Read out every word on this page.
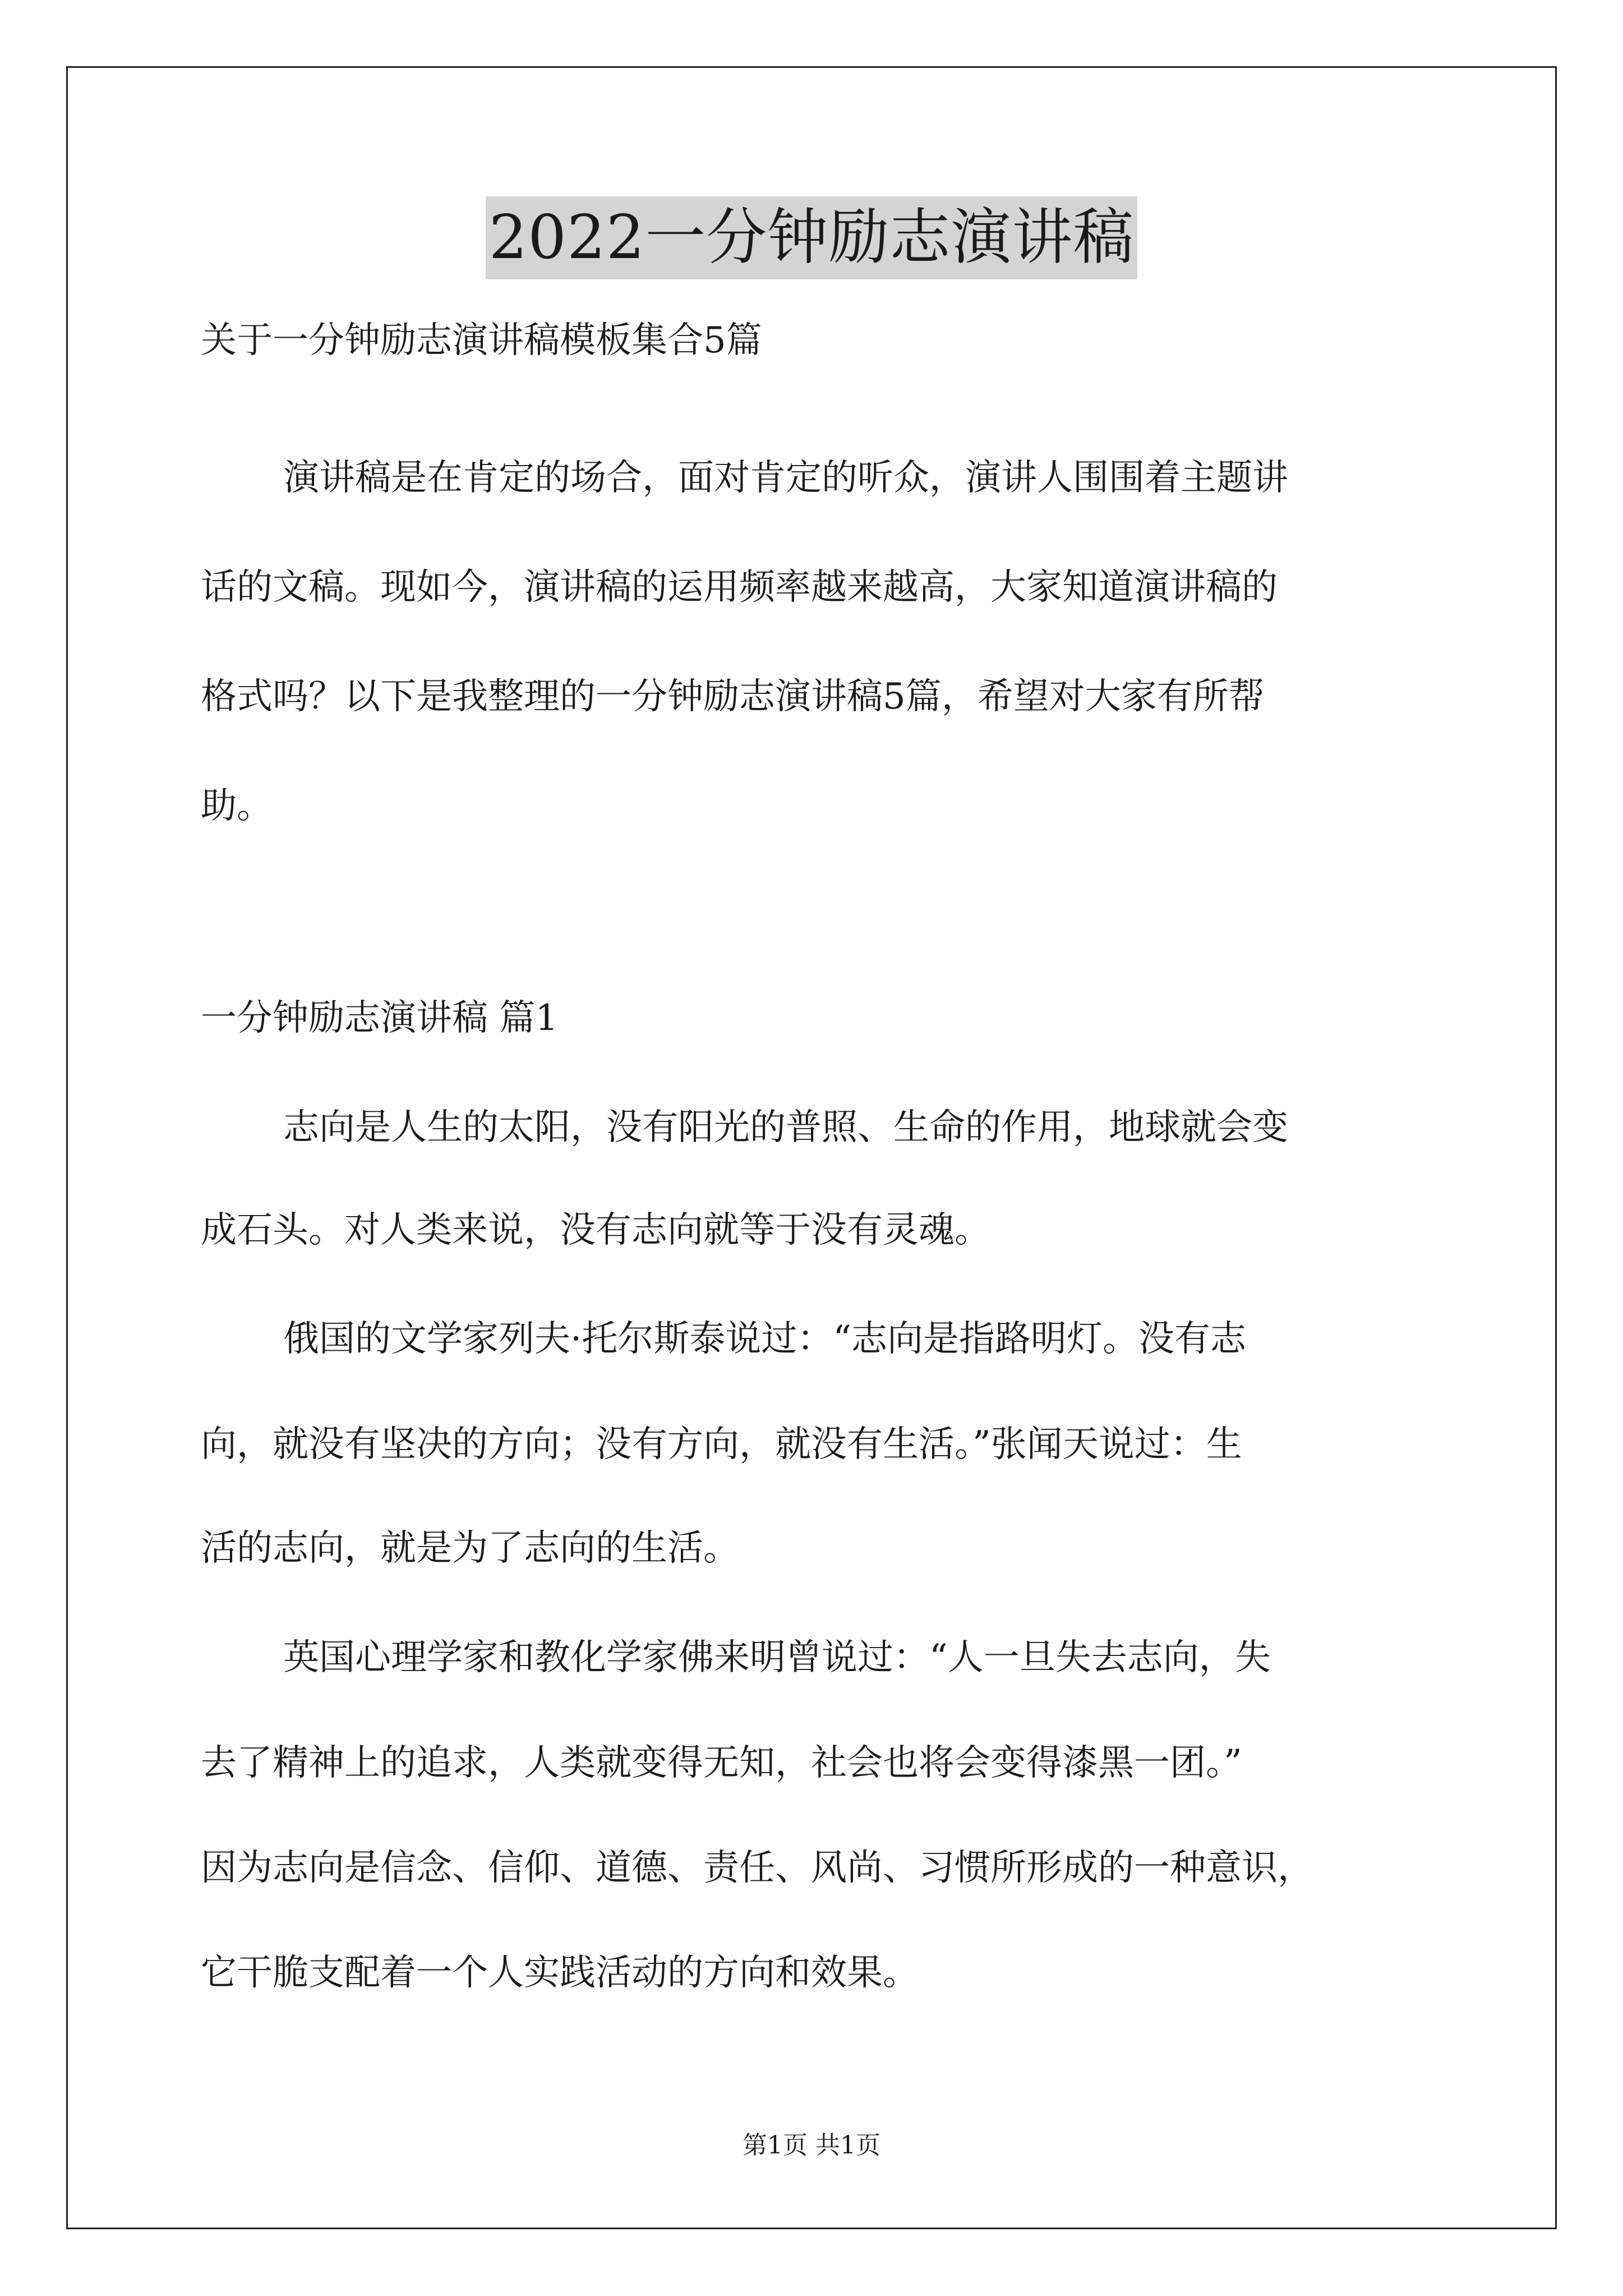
2022一分钟励志演讲稿
关于一分钟励志演讲稿模板集合5篇
演讲稿是在肯定的场合，面对肯定的听众，演讲人围围着主题讲
话的文稿。现如今，演讲稿的运用频率越来越高，大家知道演讲稿的
格式吗？以下是我整理的一分钟励志演讲稿5篇，希望对大家有所帮
助。
一分钟励志演讲稿 篇1
志向是人生的太阳，没有阳光的普照、生命的作用，地球就会变
成石头。对人类来说，没有志向就等于没有灵魂。
俄国的文学家列夫·托尔斯泰说过：“志向是指路明灯。没有志
向，就没有坚决的方向；没有方向，就没有生活。”张闻天说过：生
活的志向，就是为了志向的生活。
英国心理学家和教化学家佛来明曾说过：“人一旦失去志向，失
去了精神上的追求，人类就变得无知，社会也将会变得漆黑一团。”
因为志向是信念、信仰、道德、责任、风尚、习惯所形成的一种意识，
它干脆支配着一个人实践活动的方向和效果。
第1页 共1页
